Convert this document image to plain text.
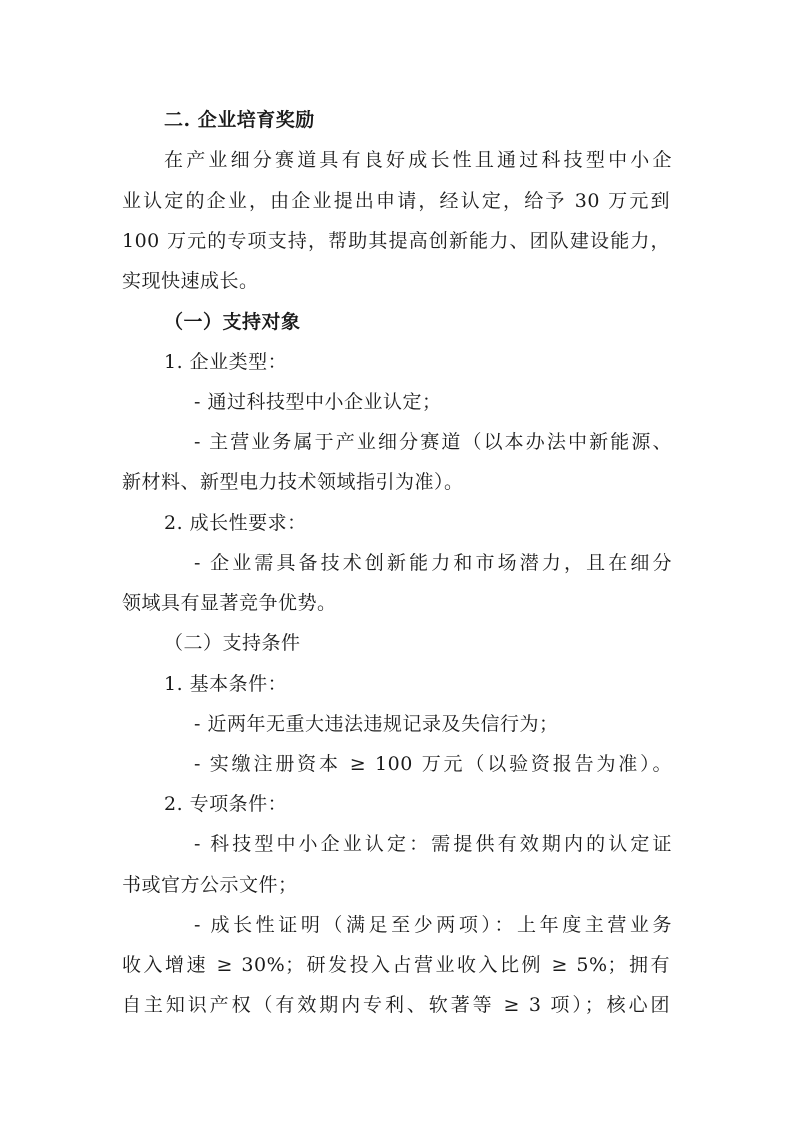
二. 企业培育奖励
在产业细分赛道具有良好成长性且通过科技型中小企
业认定的企业，由企业提出申请，经认定，给予 30 万元到
100 万元的专项支持，帮助其提高创新能力、团队建设能力，
实现快速成长。
（一）支持对象
1. 企业类型：
- 通过科技型中小企业认定；
- 主营业务属于产业细分赛道（以本办法中新能源、
新材料、新型电力技术领域指引为准）。
2. 成长性要求：
- 企业需具备技术创新能力和市场潜力，且在细分
领域具有显著竞争优势。
（二）支持条件
1. 基本条件：
- 近两年无重大违法违规记录及失信行为；
- 实缴注册资本 ≥ 100 万元（以验资报告为准）。
2. 专项条件：
- 科技型中小企业认定：需提供有效期内的认定证
书或官方公示文件；
- 成长性证明（满足至少两项）：上年度主营业务
收入增速 ≥ 30%；研发投入占营业收入比例 ≥ 5%；拥有
自主知识产权（有效期内专利、软著等 ≥ 3 项）；核心团
